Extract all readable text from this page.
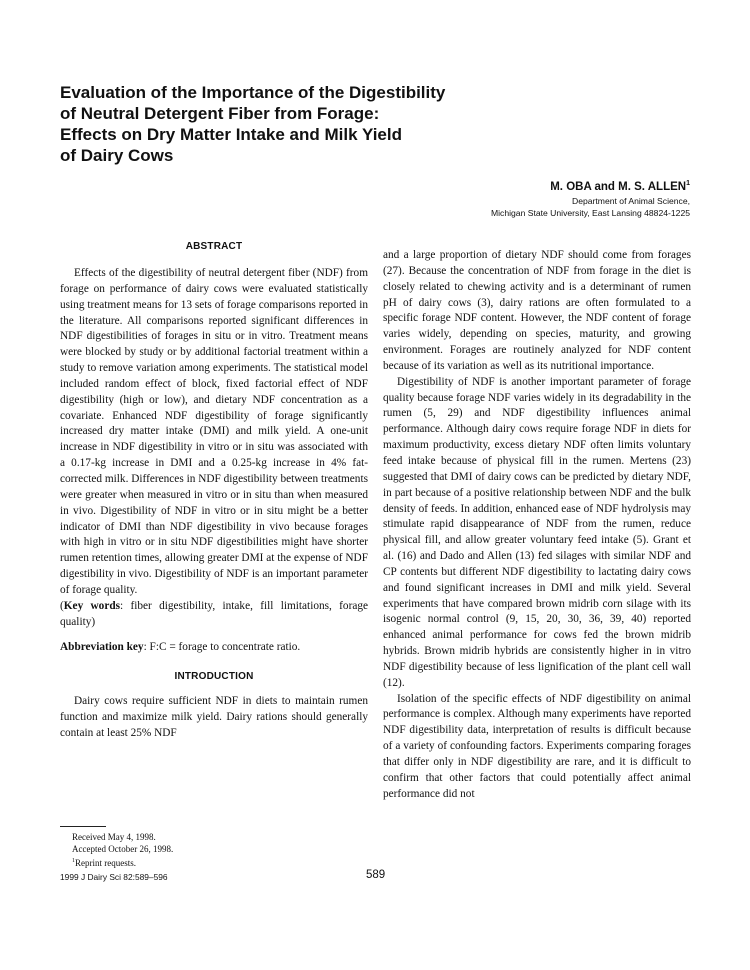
Evaluation of the Importance of the Digestibility
of Neutral Detergent Fiber from Forage:
Effects on Dry Matter Intake and Milk Yield
of Dairy Cows
M. OBA and M. S. ALLEN$^1$
Department of Animal Science,
Michigan State University, East Lansing 48824-1225
ABSTRACT

Effects of the digestibility of neutral detergent fiber (NDF) from forage on performance of dairy cows were evaluated statistically using treatment means for 13 sets of forage comparisons reported in the literature. All comparisons reported significant differences in NDF digestibilities of forages in situ or in vitro. Treatment means were blocked by study or by additional factorial treatment within a study to remove variation among experiments. The statistical model included random effect of block, fixed factorial effect of NDF digestibility (high or low), and dietary NDF concentration as a covariate. Enhanced NDF digestibility of forage significantly increased dry matter intake (DMI) and milk yield. A one-unit increase in NDF digestibility in vitro or in situ was associated with a 0.17-kg increase in DMI and a 0.25-kg increase in 4% fat-corrected milk. Differences in NDF digestibility between treatments were greater when measured in vitro or in situ than when measured in vivo. Digestibility of NDF in vitro or in situ might be a better indicator of DMI than NDF digestibility in vivo because forages with high in vitro or in situ NDF digestibilities might have shorter rumen retention times, allowing greater DMI at the expense of NDF digestibility in vivo. Digestibility of NDF is an important parameter of forage quality.

(Key words: fiber digestibility, intake, fill limitations, forage quality)

Abbreviation key: F:C = forage to concentrate ratio.

INTRODUCTION

Dairy cows require sufficient NDF in diets to maintain rumen function and maximize milk yield. Dairy rations should generally contain at least 25% NDF

and a large proportion of dietary NDF should come from forages (27). Because the concentration of NDF from forage in the diet is closely related to chewing activity and is a determinant of rumen pH of dairy cows (3), dairy rations are often formulated to a specific forage NDF content. However, the NDF content of forage varies widely, depending on species, maturity, and growing environment. Forages are routinely analyzed for NDF content because of its variation as well as its nutritional importance.

Digestibility of NDF is another important parameter of forage quality because forage NDF varies widely in its degradability in the rumen (5, 29) and NDF digestibility influences animal performance. Although dairy cows require forage NDF in diets for maximum productivity, excess dietary NDF often limits voluntary feed intake because of physical fill in the rumen. Mertens (23) suggested that DMI of dairy cows can be predicted by dietary NDF, in part because of a positive relationship between NDF and the bulk density of feeds. In addition, enhanced ease of NDF hydrolysis may stimulate rapid disappearance of NDF from the rumen, reduce physical fill, and allow greater voluntary feed intake (5). Grant et al. (16) and Dado and Allen (13) fed silages with similar NDF and CP contents but different NDF digestibility to lactating dairy cows and found significant increases in DMI and milk yield. Several experiments that have compared brown midrib corn silage with its isogenic normal control (9, 15, 20, 30, 36, 39, 40) reported enhanced animal performance for cows fed the brown midrib hybrids. Brown midrib hybrids are consistently higher in in vitro NDF digestibility because of less lignification of the plant cell wall (12).

Isolation of the specific effects of NDF digestibility on animal performance is complex. Although many experiments have reported NDF digestibility data, interpretation of results is difficult because of a variety of confounding factors. Experiments comparing forages that differ only in NDF digestibility are rare, and it is difficult to confirm that other factors that could potentially affect animal performance did not

Received May 4, 1998.
Accepted October 26, 1998.
$^1$Reprint requests.
1999 J Dairy Sci 82:589–596	589
